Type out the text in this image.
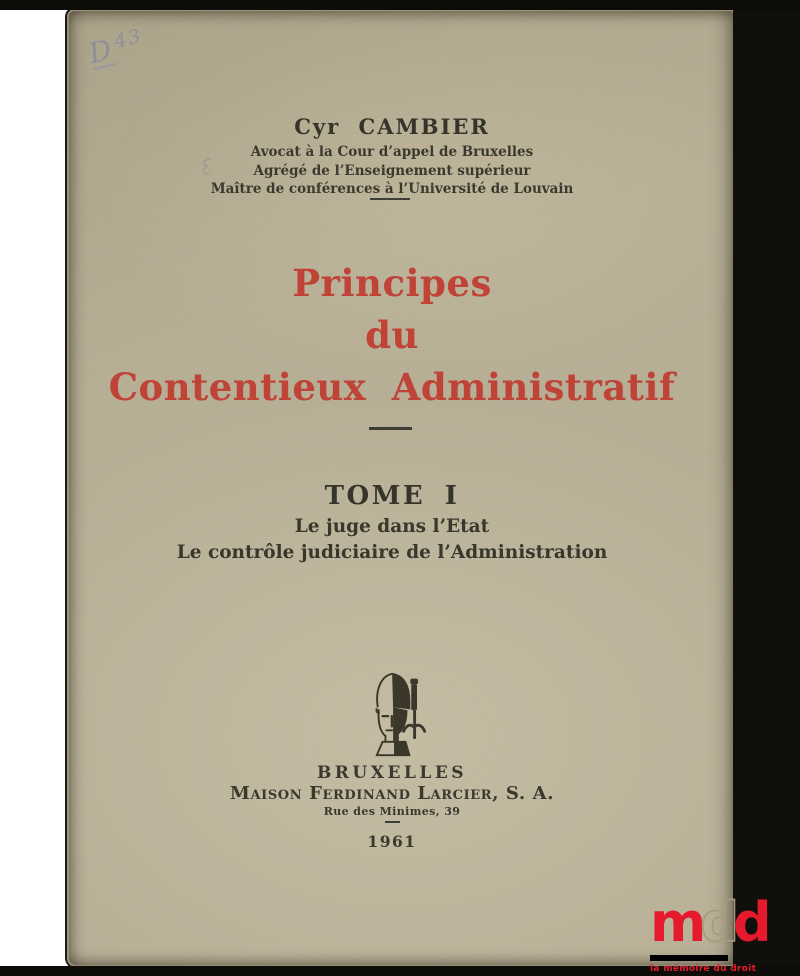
D43
Cyr CAMBIER
Avocat à la Cour d’appel de Bruxelles
Agrégé de l’Enseignement supérieur
Maître de conférences à l’Université de Louvain
Principes
du
Contentieux Administratif
TOME I
Le juge dans l’Etat
Le contrôle judiciaire de l’Administration
BRUXELLES
Maison Ferdinand Larcier, S. A.
Rue des Minimes, 39
1961
mdd
la mémoire du droit
